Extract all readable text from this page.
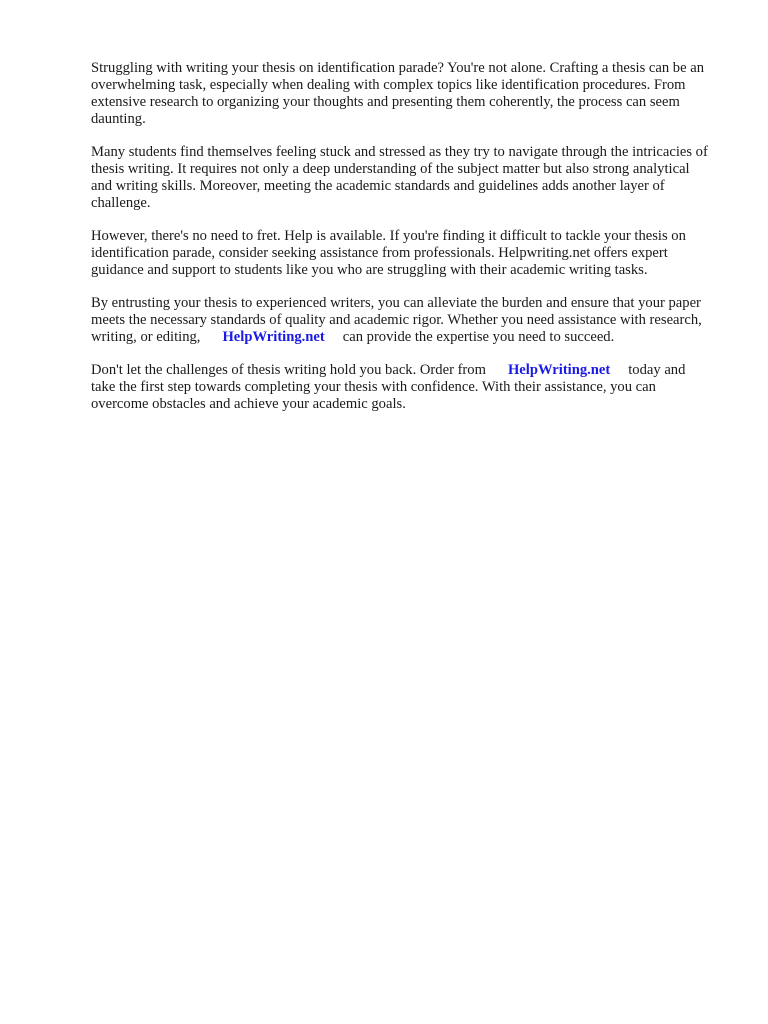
Struggling with writing your thesis on identification parade? You're not alone. Crafting a thesis can be an overwhelming task, especially when dealing with complex topics like identification procedures. From extensive research to organizing your thoughts and presenting them coherently, the process can seem daunting.

Many students find themselves feeling stuck and stressed as they try to navigate through the intricacies of thesis writing. It requires not only a deep understanding of the subject matter but also strong analytical and writing skills. Moreover, meeting the academic standards and guidelines adds another layer of challenge.

However, there's no need to fret. Help is available. If you're finding it difficult to tackle your thesis on identification parade, consider seeking assistance from professionals. Helpwriting.net offers expert guidance and support to students like you who are struggling with their academic writing tasks.

By entrusting your thesis to experienced writers, you can alleviate the burden and ensure that your paper meets the necessary standards of quality and academic rigor. Whether you need assistance with research, writing, or editing, HelpWriting.net can provide the expertise you need to succeed.

Don't let the challenges of thesis writing hold you back. Order from HelpWriting.net today and take the first step towards completing your thesis with confidence. With their assistance, you can overcome obstacles and achieve your academic goals.
